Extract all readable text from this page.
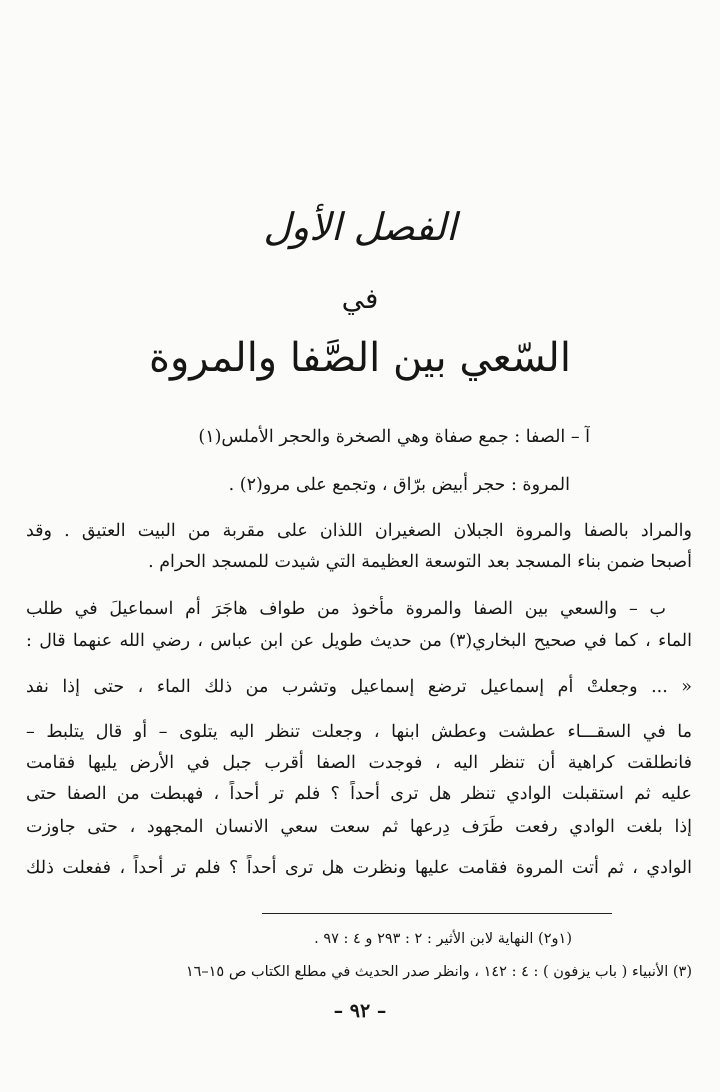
الفصل الأول
في
السّعي بين الصَّفا والمروة
آ – الصفا : جمع صفاة وهي الصخرة والحجر الأملس(١)
المروة : حجر أبيض برّاق ، وتجمع على مرو(٢) .
والمراد بالصفا والمروة الجبلان الصغيران اللذان على مقربة من البيت العتيق . وقد
أصبحا ضمن بناء المسجد بعد التوسعة العظيمة التي شيدت للمسجد الحرام .
ب – والسعي بين الصفا والمروة مأخوذ من طواف هاجَرَ أم اسماعيلَ في طلب
الماء ، كما في صحيح البخاري(٣) من حديث طويل عن ابن عباس ، رضي الله عنهما قال :
« ... وجعلتْ أم إسماعيل ترضع إسماعيل وتشرب من ذلك الماء ، حتى إذا نفد
ما في السقـــاء عطشت وعطش ابنها ، وجعلت تنظر اليه يتلوى – أو قال يتلبط –
فانطلقت كراهية أن تنظر اليه ، فوجدت الصفا أقرب جبل في الأرض يليها فقامت
عليه ثم استقبلت الوادي تنظر هل ترى أحداً ؟ فلم تر أحداً ، فهبطت من الصفا حتى
إذا بلغت الوادي رفعت طَرَف دِرعها ثم سعت سعي الانسان المجهود ، حتى جاوزت
الوادي ، ثم أتت المروة فقامت عليها ونظرت هل ترى أحداً ؟ فلم تر أحداً ، ففعلت ذلك
(١و٢) النهاية لابن الأثير : ٢ : ٢٩٣ و ٤ : ٩٧ .
(٣) الأنبياء ( باب يزفون ) : ٤ : ١٤٢ ، وانظر صدر الحديث في مطلع الكتاب ص ١٥–١٦
– ٩٢ –
